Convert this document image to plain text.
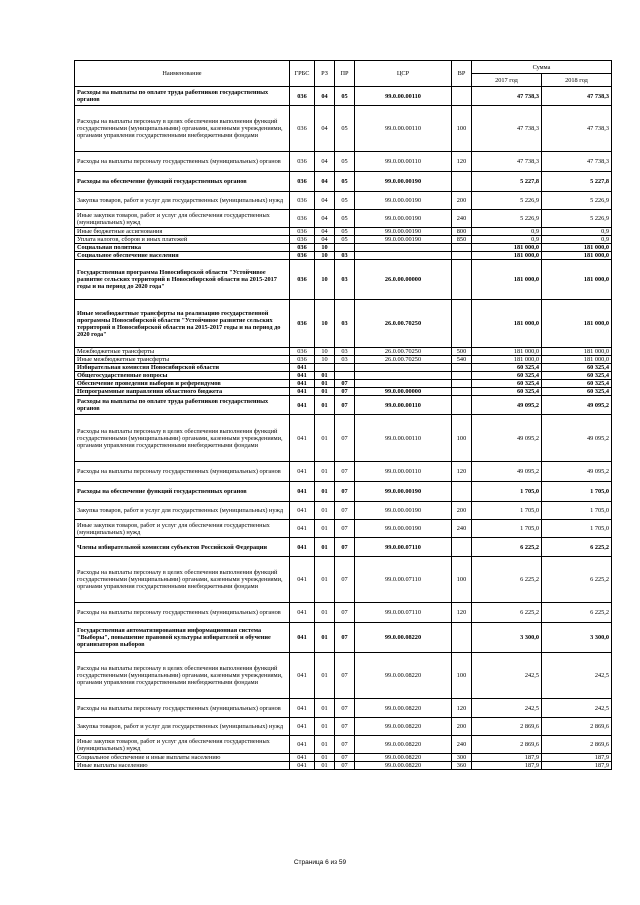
Наименование	ГРБС	РЗ	ПР	ЦСР	ВР	Сумма	
						2017 год	2018 год
Расходы на выплаты по оплате труда работников государственных органов	036	04	05	99.0.00.00110		47 738,3	47 738,3
Расходы на выплаты персоналу в целях обеспечения выполнения функций государственными (муниципальными) органами, казенными учреждениями, органами управления государственными внебюджетными фондами	036	04	05	99.0.00.00110	100	47 738,3	47 738,3
Расходы на выплаты персоналу государственных (муниципальных) органов	036	04	05	99.0.00.00110	120	47 738,3	47 738,3
Расходы на обеспечение функций государственных органов	036	04	05	99.0.00.00190		5 227,8	5 227,8
Закупка товаров, работ и услуг для государственных (муниципальных) нужд	036	04	05	99.0.00.00190	200	5 226,9	5 226,9
Иные закупки товаров, работ и услуг для обеспечения государственных (муниципальных) нужд	036	04	05	99.0.00.00190	240	5 226,9	5 226,9
Иные бюджетные ассигнования	036	04	05	99.0.00.00190	800	0,9	0,9
Уплата налогов, сборов и иных платежей	036	04	05	99.0.00.00190	850	0,9	0,9
Социальная политика	036	10				181 000,0	181 000,0
Социальное обеспечение населения	036	10	03			181 000,0	181 000,0
Государственная программа Новосибирской области "Устойчивое развитие сельских территорий в Новосибирской области на 2015-2017 годы и на период до 2020 года"	036	10	03	26.0.00.00000		181 000,0	181 000,0
Иные межбюджетные трансферты на реализацию государственной программы Новосибирской области "Устойчивое развитие сельских территорий в Новосибирской области на 2015-2017 годы и на период до 2020 года"	036	10	03	26.0.00.70250		181 000,0	181 000,0
Межбюджетные трансферты	036	10	03	26.0.00.70250	500	181 000,0	181 000,0
Иные межбюджетные трансферты	036	10	03	26.0.00.70250	540	181 000,0	181 000,0
Избирательная комиссия Новосибирской области	041					60 325,4	60 325,4
Общегосударственные вопросы	041	01				60 325,4	60 325,4
Обеспечение проведения выборов и референдумов	041	01	07			60 325,4	60 325,4
Непрограммные направления областного бюджета	041	01	07	99.0.00.00000		60 325,4	60 325,4
Расходы на выплаты по оплате труда работников государственных органов	041	01	07	99.0.00.00110		49 095,2	49 095,2
Расходы на выплаты персоналу в целях обеспечения выполнения функций государственными (муниципальными) органами, казенными учреждениями, органами управления государственными внебюджетными фондами	041	01	07	99.0.00.00110	100	49 095,2	49 095,2
Расходы на выплаты персоналу государственных (муниципальных) органов	041	01	07	99.0.00.00110	120	49 095,2	49 095,2
Расходы на обеспечение функций государственных органов	041	01	07	99.0.00.00190		1 705,0	1 705,0
Закупка товаров, работ и услуг для государственных (муниципальных) нужд	041	01	07	99.0.00.00190	200	1 705,0	1 705,0
Иные закупки товаров, работ и услуг для обеспечения государственных (муниципальных) нужд	041	01	07	99.0.00.00190	240	1 705,0	1 705,0
Члены избирательной комиссии субъектов Российской Федерации	041	01	07	99.0.00.07110		6 225,2	6 225,2
Расходы на выплаты персоналу в целях обеспечения выполнения функций государственными (муниципальными) органами, казенными учреждениями, органами управления государственными внебюджетными фондами	041	01	07	99.0.00.07110	100	6 225,2	6 225,2
Расходы на выплаты персоналу государственных (муниципальных) органов	041	01	07	99.0.00.07110	120	6 225,2	6 225,2
Государственная автоматизированная информационная система "Выборы", повышение правовой культуры избирателей и обучение организаторов выборов	041	01	07	99.0.00.08220		3 300,0	3 300,0
Расходы на выплаты персоналу в целях обеспечения выполнения функций государственными (муниципальными) органами, казенными учреждениями, органами управления государственными внебюджетными фондами	041	01	07	99.0.00.08220	100	242,5	242,5
Расходы на выплаты персоналу государственных (муниципальных) органов	041	01	07	99.0.00.08220	120	242,5	242,5
Закупка товаров, работ и услуг для государственных (муниципальных) нужд	041	01	07	99.0.00.08220	200	2 869,6	2 869,6
Иные закупки товаров, работ и услуг для обеспечения государственных (муниципальных) нужд	041	01	07	99.0.00.08220	240	2 869,6	2 869,6
Социальное обеспечение и иные выплаты населению	041	01	07	99.0.00.08220	300	187,9	187,9
Иные выплаты населению	041	01	07	99.0.00.08220	360	187,9	187,9
Страница 6 из 59
